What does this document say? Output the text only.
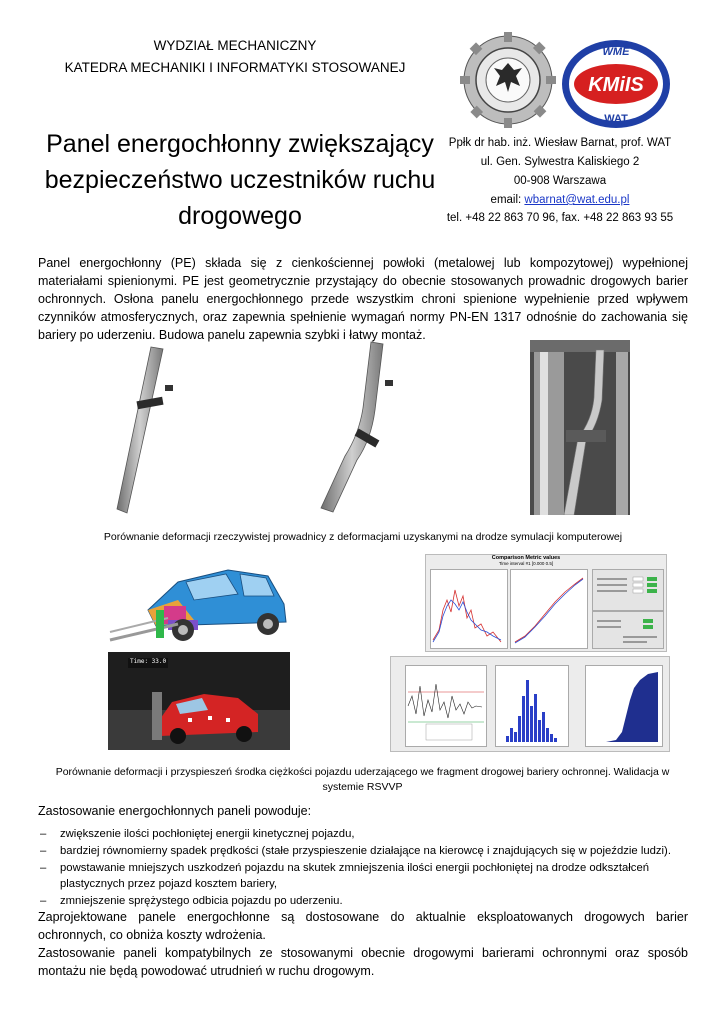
WYDZIAŁ MECHANICZNY
KATEDRA MECHANIKI I INFORMATYKI STOSOWANEJ
WME
KMiIS
WAT
Panel energochłonny zwiększający
bezpieczeństwo uczestników ruchu
drogowego
Ppłk dr hab. inż. Wiesław Barnat, prof. WAT
ul. Gen. Sylwestra Kaliskiego 2
00-908 Warszawa
email: wbarnat@wat.edu.pl
tel. +48 22 863 70 96, fax. +48 22 863 93 55
Panel energochłonny (PE) składa się z cienkościennej powłoki (metalowej lub kompozytowej) wypełnionej materiałami spienionymi. PE jest geometrycznie przystający do obecnie stosowanych prowadnic drogowych barier ochronnych. Osłona panelu energochłonnego przede wszystkim chroni spienione wypełnienie przed wpływem czynników atmosferycznych, oraz zapewnia spełnienie wymagań normy PN-EN 1317 odnośnie do zachowania się bariery po uderzeniu. Budowa panelu zapewnia szybki i łatwy montaż.
Porównanie deformacji rzeczywistej prowadnicy z deformacjami uzyskanymi na drodze symulacji komputerowej
Time: 33.0
Comparison Metric values
Time interval #1 [0.000 0.5]
Porównanie deformacji i przyspieszeń środka ciężkości pojazdu uderzającego we fragment drogowej bariery ochronnej. Walidacja w
systemie RSVVP
Zastosowanie energochłonnych paneli powoduje:
– zwiększenie ilości pochłoniętej energii kinetycznej pojazdu,
– bardziej równomierny spadek prędkości (stałe przyspieszenie działające na kierowcę i znajdujących się w pojeździe ludzi).
– powstawanie mniejszych uszkodzeń pojazdu na skutek zmniejszenia ilości energii pochłoniętej na drodze odkształceń plastycznych przez pojazd kosztem bariery,
– zmniejszenie sprężystego odbicia pojazdu po uderzeniu.
Zaprojektowane panele energochłonne są dostosowane do aktualnie eksploatowanych drogowych barier ochronnych, co obniża koszty wdrożenia.
Zastosowanie paneli kompatybilnych ze stosowanymi obecnie drogowymi barierami ochronnymi oraz sposób montażu nie będą powodować utrudnień w ruchu drogowym.
